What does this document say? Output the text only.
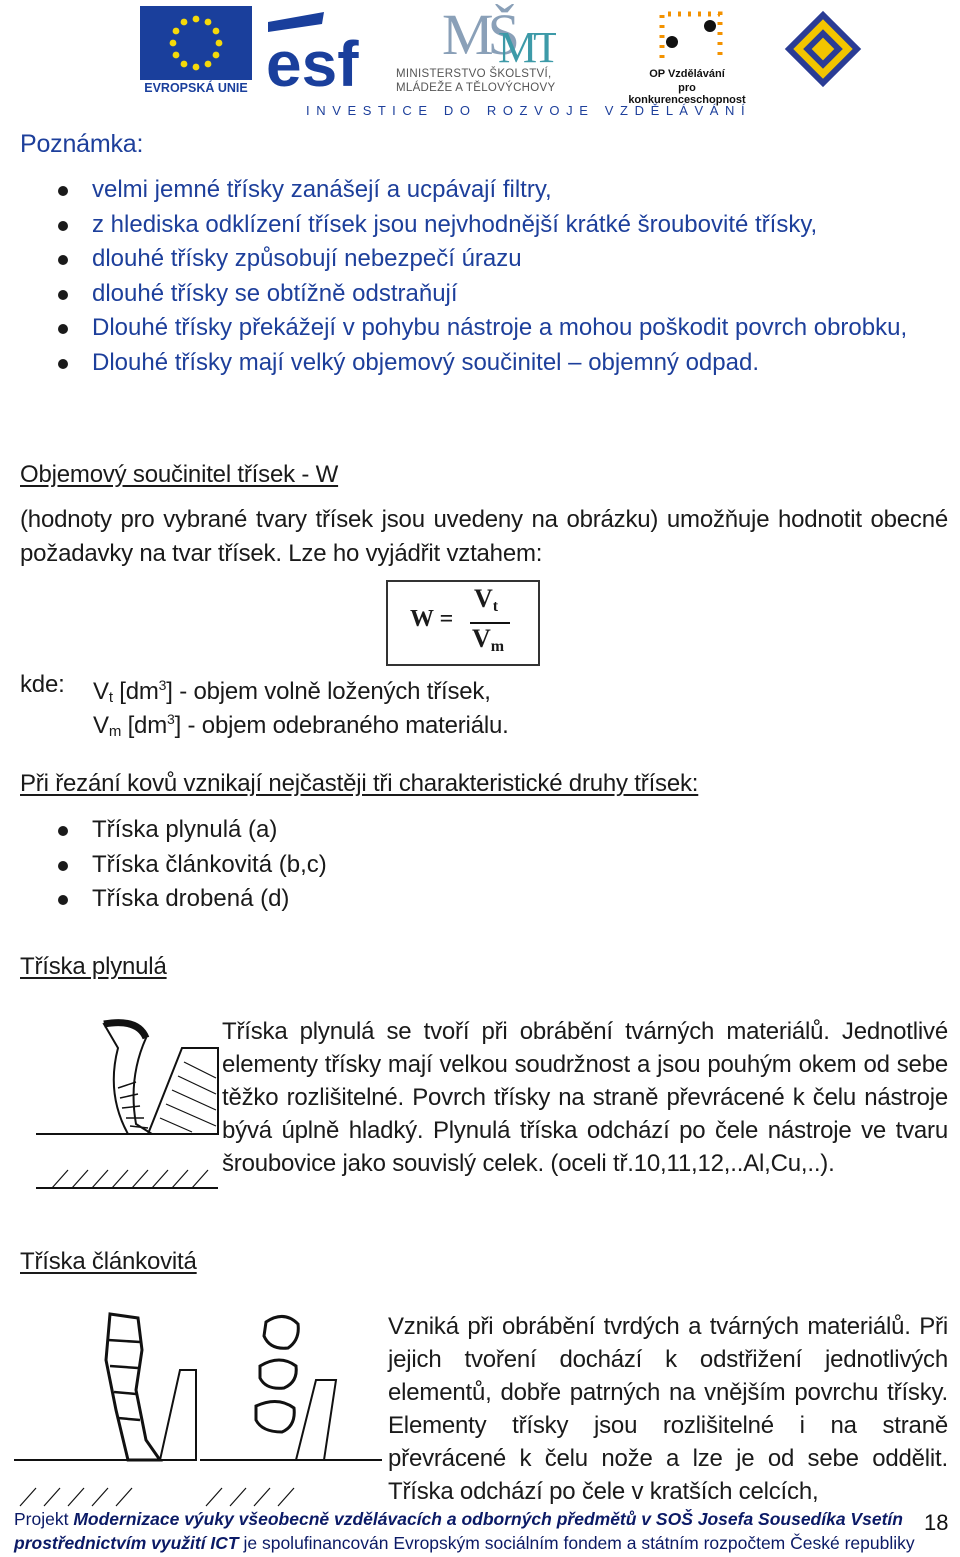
EVROPSKÁ UNIE esf MŠ
MT
MINISTERSTVO ŠKOLSTVÍ,
MLÁDEŽE A TĚLOVÝCHOVY
OP Vzdělávání
pro konkurenceschopnost
I N V E S T I C E   D O   R O Z V O J E   V Z D Ě L Á V Á N Í
Poznámka:
velmi jemné třísky zanášejí a ucpávají filtry,
z hlediska odklízení třísek jsou nejvhodnější krátké šroubovité třísky,
dlouhé třísky způsobují nebezpečí úrazu
dlouhé třísky se obtížně odstraňují
Dlouhé třísky překážejí v pohybu nástroje a mohou poškodit povrch obrobku,
Dlouhé třísky mají velký objemový součinitel – objemný odpad.
Objemový součinitel třísek - W
(hodnoty pro vybrané tvary třísek jsou uvedeny na obrázku) umožňuje hodnotit obecné požadavky na tvar třísek. Lze ho vyjádřit vztahem:
W =
Vt
Vm
kde: $V_t$ $[dm^3]$ - objem volně ložených třísek,
$V_m$ $[dm^3]$ - objem odebraného materiálu.
Při řezání kovů vznikají nejčastěji tři charakteristické druhy třísek:
Tříska plynulá (a)
Tříska článkovitá (b,c)
Tříska drobená (d)
Tříska plynulá
Tříska plynulá se tvoří při obrábění tvárných materiálů. Jednotlivé elementy třísky mají velkou soudržnost a jsou pouhým okem od sebe těžko rozlišitelné. Povrch třísky na straně převrácené k čelu nástroje bývá úplně hladký. Plynulá tříska odchází po čele nástroje ve tvaru šroubovice jako souvislý celek. (oceli tř.10,11,12,..Al,Cu,..).
Tříska článkovitá
Vzniká při obrábění tvrdých a tvárných materiálů. Při jejich tvoření dochází k odstřižení jednotlivých elementů, dobře patrných na vnějším povrchu třísky. Elementy třísky jsou rozlišitelné i na straně převrácené k čelu nože a lze je od sebe oddělit. Tříska odchází po čele v kratších celcích,
Projekt Modernizace výuky všeobecně vzdělávacích a odborných předmětů v SOŠ Josefa Sousedíka Vsetín
prostřednictvím využití ICT je spolufinancován Evropským sociálním fondem a státním rozpočtem České republiky
18
